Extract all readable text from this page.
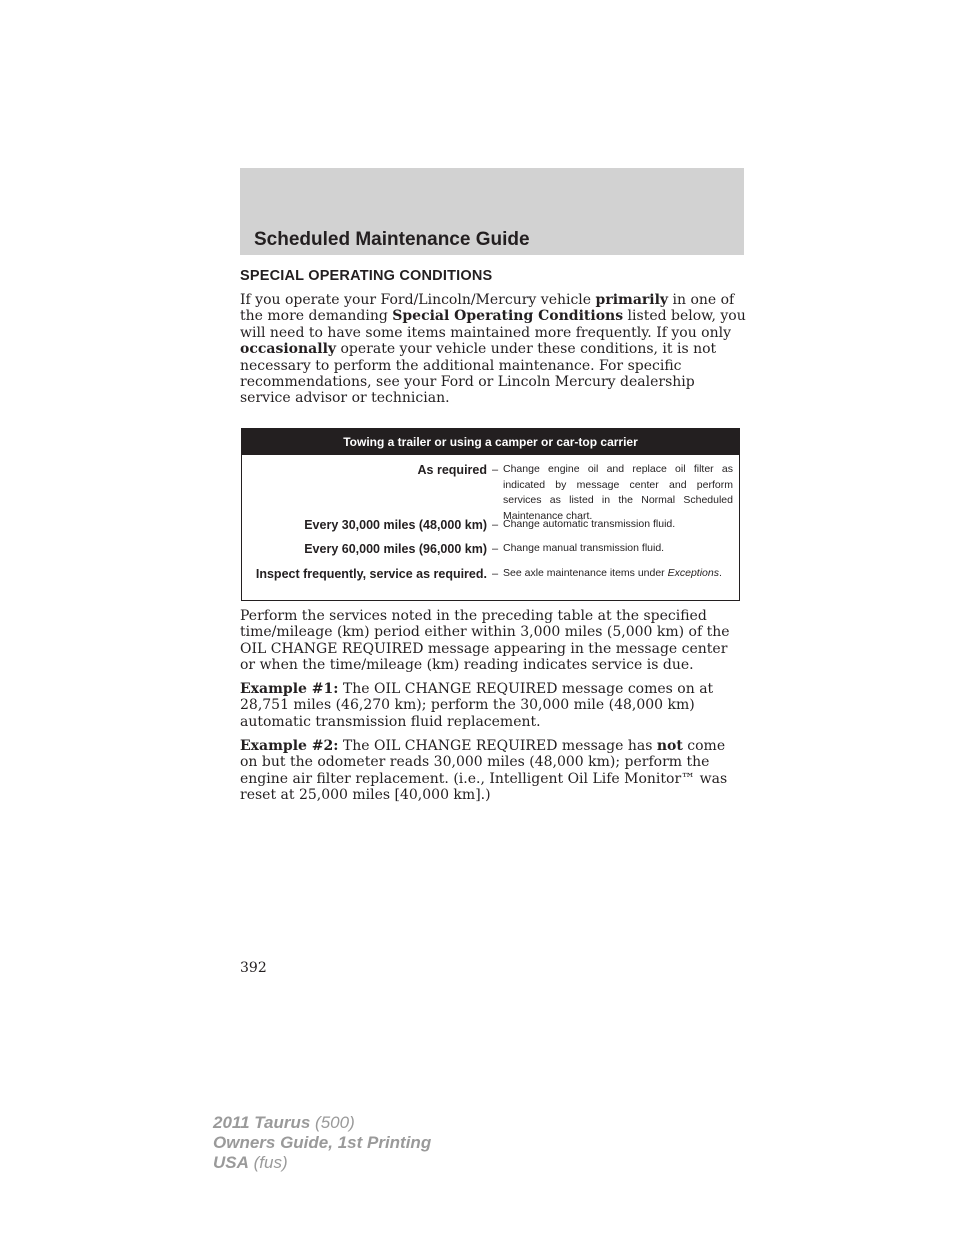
Scheduled Maintenance Guide
SPECIAL OPERATING CONDITIONS

If you operate your Ford/Lincoln/Mercury vehicle primarily in one of the more demanding Special Operating Conditions listed below, you will need to have some items maintained more frequently. If you only occasionally operate your vehicle under these conditions, it is not necessary to perform the additional maintenance. For specific recommendations, see your Ford or Lincoln Mercury dealership service advisor or technician.

Towing a trailer or using a camper or car-top carrier
As required – Change engine oil and replace oil filter as indicated by message center and perform services as listed in the Normal Scheduled Maintenance chart.
Every 30,000 miles (48,000 km) – Change automatic transmission fluid.
Every 60,000 miles (96,000 km) – Change manual transmission fluid.
Inspect frequently, service as required. – See axle maintenance items under Exceptions.

Perform the services noted in the preceding table at the specified time/mileage (km) period either within 3,000 miles (5,000 km) of the OIL CHANGE REQUIRED message appearing in the message center or when the time/mileage (km) reading indicates service is due.

Example #1: The OIL CHANGE REQUIRED message comes on at 28,751 miles (46,270 km); perform the 30,000 mile (48,000 km) automatic transmission fluid replacement.

Example #2: The OIL CHANGE REQUIRED message has not come on but the odometer reads 30,000 miles (48,000 km); perform the engine air filter replacement. (i.e., Intelligent Oil Life Monitor™ was reset at 25,000 miles [40,000 km].)

392

2011 Taurus (500)
Owners Guide, 1st Printing
USA (fus)
